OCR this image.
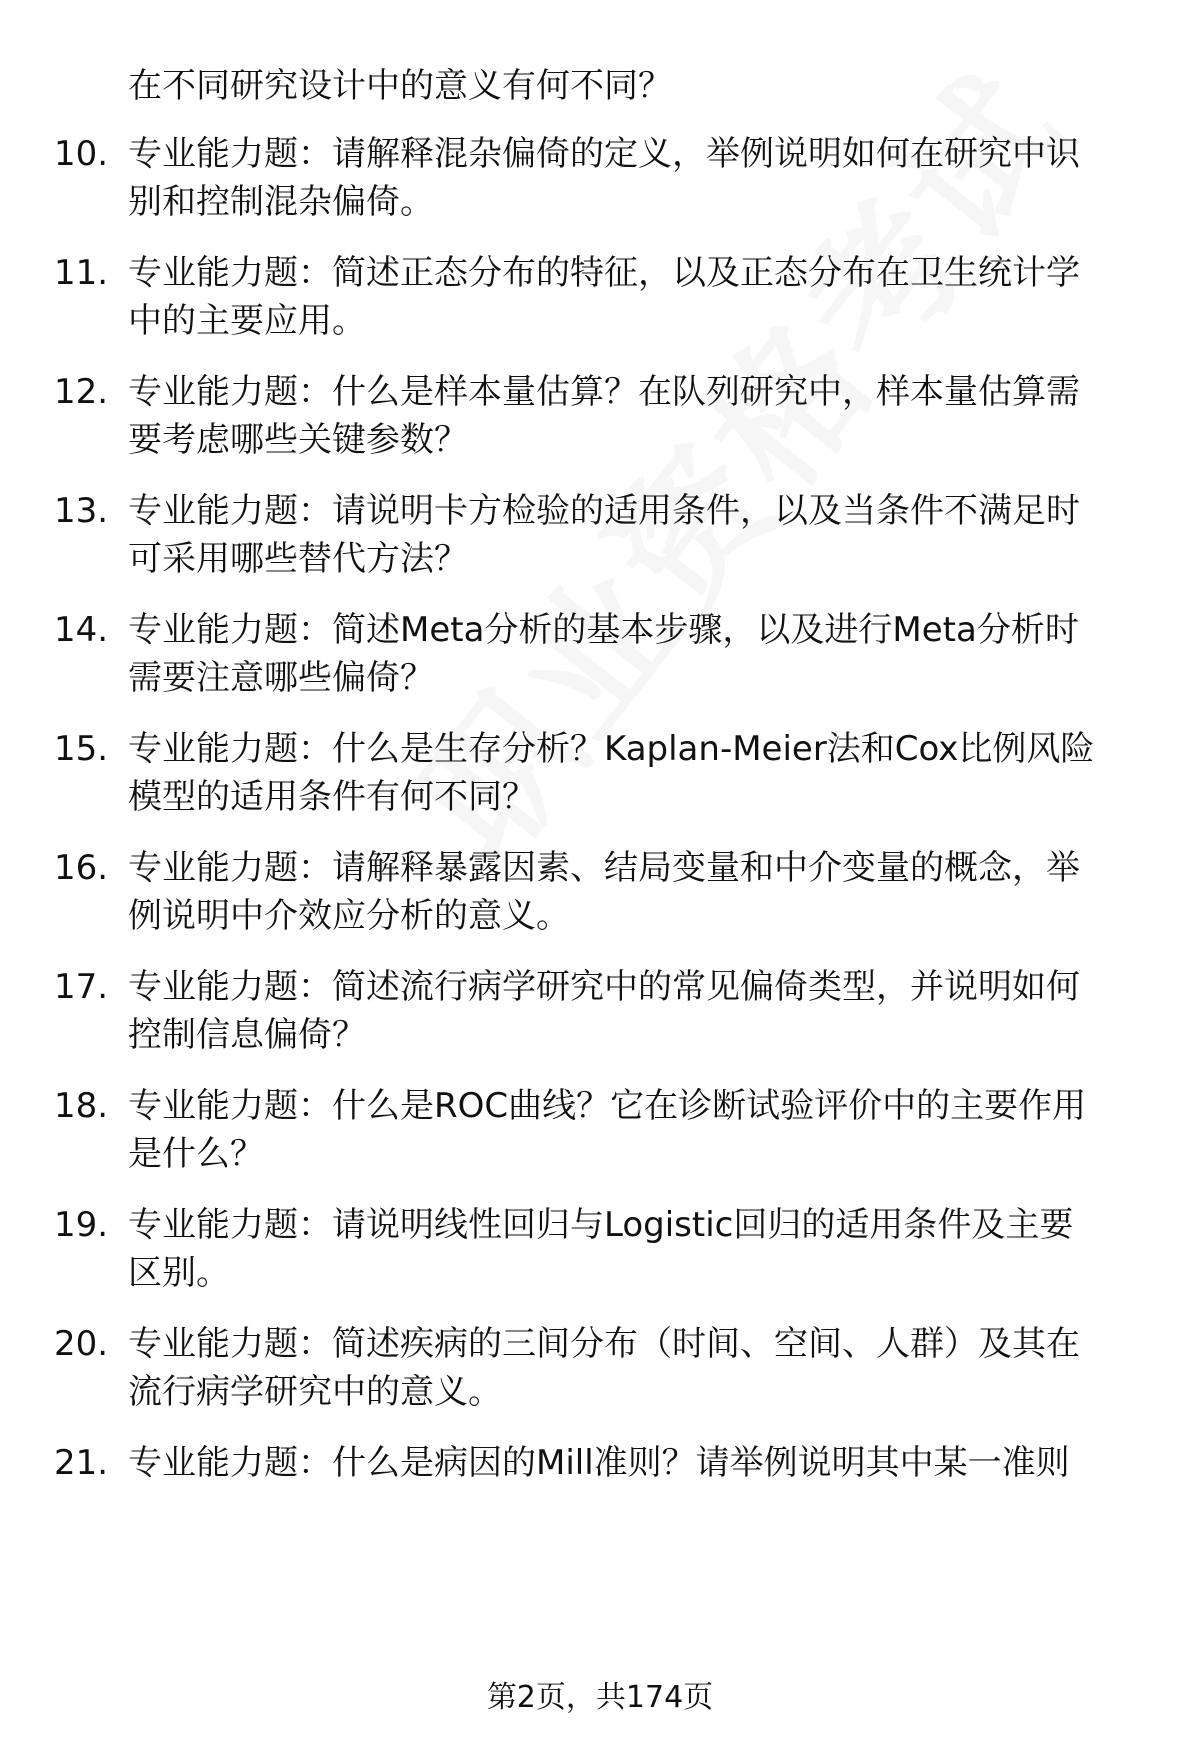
在不同研究设计中的意义有何不同？
10. 专业能力题：请解释混杂偏倚的定义，举例说明如何在研究中识
别和控制混杂偏倚。
11. 专业能力题：简述正态分布的特征，以及正态分布在卫生统计学
中的主要应用。
12. 专业能力题：什么是样本量估算？在队列研究中，样本量估算需
要考虑哪些关键参数？
13. 专业能力题：请说明卡方检验的适用条件，以及当条件不满足时
可采用哪些替代方法？
14. 专业能力题：简述Meta分析的基本步骤，以及进行Meta分析时
需要注意哪些偏倚？
15. 专业能力题：什么是生存分析？Kaplan-Meier法和Cox比例风险
模型的适用条件有何不同？
16. 专业能力题：请解释暴露因素、结局变量和中介变量的概念，举
例说明中介效应分析的意义。
17. 专业能力题：简述流行病学研究中的常见偏倚类型，并说明如何
控制信息偏倚？
18. 专业能力题：什么是ROC曲线？它在诊断试验评价中的主要作用
是什么？
19. 专业能力题：请说明线性回归与Logistic回归的适用条件及主要
区别。
20. 专业能力题：简述疾病的三间分布（时间、空间、人群）及其在
流行病学研究中的意义。
21. 专业能力题：什么是病因的Mill准则？请举例说明其中某一准则
第2页，共174页
